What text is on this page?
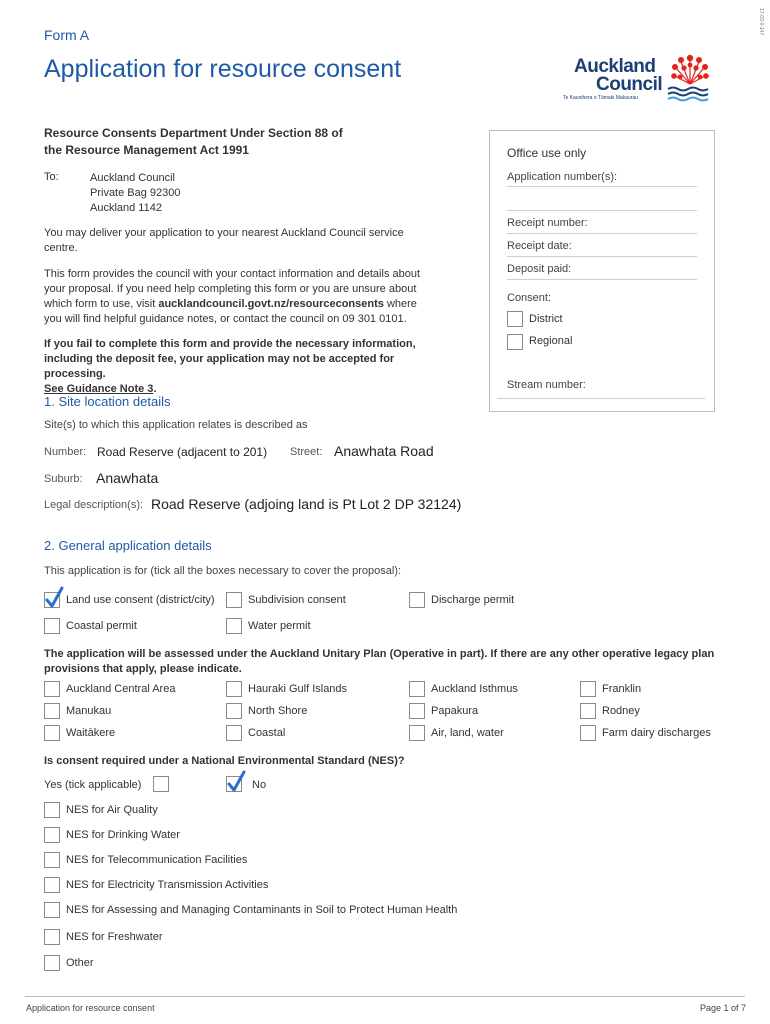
17-03-0-147
Form A
Application for resource consent	Auckland
Council
Te Kaunihera o Tāmaki Makaurau
Resource Consents Department Under Section 88 of
the Resource Management Act 1991
To:	Auckland Council
Private Bag 92300
Auckland 1142
You may deliver your application to your nearest Auckland Council service
centre.
This form provides the council with your contact information and details about
your proposal. If you need help completing this form or you are unsure about
which form to use, visit aucklandcouncil.govt.nz/resourceconsents where
you will find helpful guidance notes, or contact the council on 09 301 0101.
If you fail to complete this form and provide the necessary information,
including the deposit fee, your application may not be accepted for processing.
See Guidance Note 3.
Office use only
Application number(s):
Receipt number:
Receipt date:
Deposit paid:
Consent:
District
Regional
Stream number:
1. Site location details
Site(s) to which this application relates is described as
Number: Road Reserve (adjacent to 201) Street: Anawhata Road
Suburb: Anawhata
Legal description(s): Road Reserve (adjoing land is Pt Lot 2 DP 32124)
2. General application details
This application is for (tick all the boxes necessary to cover the proposal):
Land use consent (district/city)	Subdivision consent	Discharge permit
Coastal permit	Water permit
The application will be assessed under the Auckland Unitary Plan (Operative in part). If there are any other operative legacy plan
provisions that apply, please indicate.
Auckland Central Area	Hauraki Gulf Islands	Auckland Isthmus	Franklin
Manukau	North Shore	Papakura	Rodney
Waitākere	Coastal	Air, land, water	Farm dairy discharges
Is consent required under a National Environmental Standard (NES)?
Yes (tick applicable)	No
NES for Air Quality
NES for Drinking Water
NES for Telecommunication Facilities
NES for Electricity Transmission Activities
NES for Assessing and Managing Contaminants in Soil to Protect Human Health
NES for Freshwater
Other
Application for resource consent	Page 1 of 7
